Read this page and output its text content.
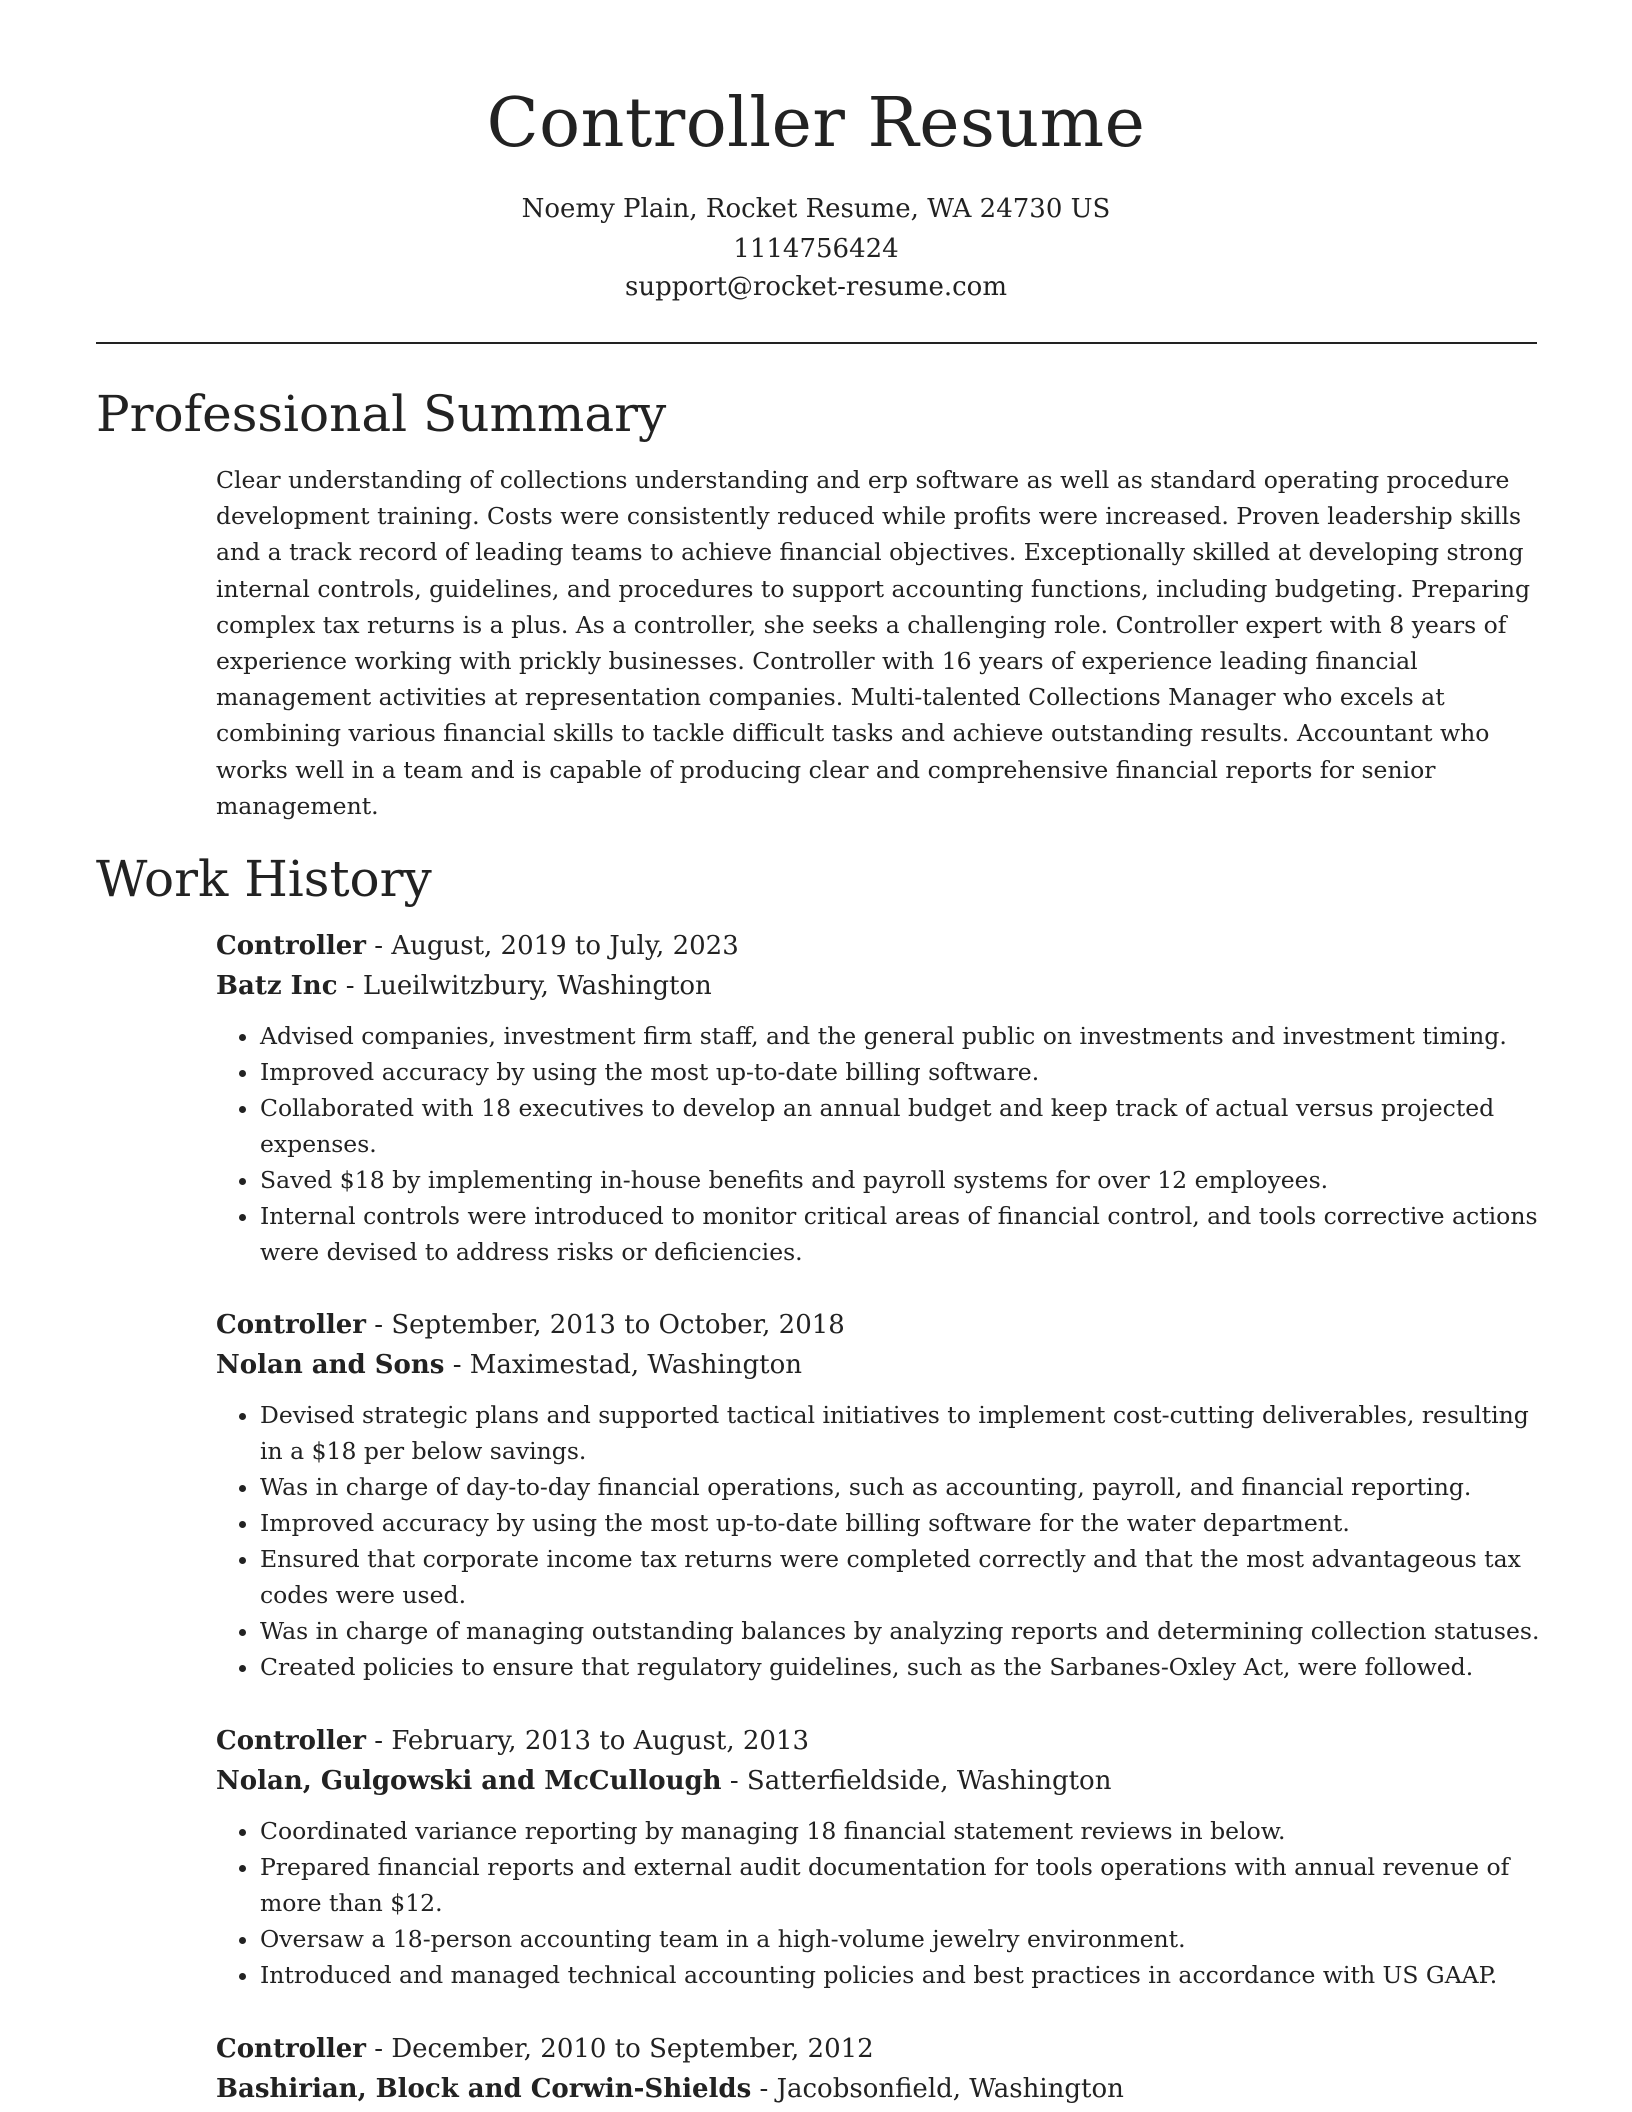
Controller Resume

Noemy Plain, Rocket Resume, WA 24730 US

1114756424

support@rocket-resume.com

Professional Summary

Clear understanding of collections understanding and erp software as well as standard operating procedure development training. Costs were consistently reduced while profits were increased. Proven leadership skills and a track record of leading teams to achieve financial objectives. Exceptionally skilled at developing strong internal controls, guidelines, and procedures to support accounting functions, including budgeting. Preparing complex tax returns is a plus. As a controller, she seeks a challenging role. Controller expert with 8 years of experience working with prickly businesses. Controller with 16 years of experience leading financial management activities at representation companies. Multi-talented Collections Manager who excels at combining various financial skills to tackle difficult tasks and achieve outstanding results. Accountant who works well in a team and is capable of producing clear and comprehensive financial reports for senior management.

Work History

Controller - August, 2019 to July, 2023

Batz Inc - Lueilwitzbury, Washington

• Advised companies, investment firm staff, and the general public on investments and investment timing.
• Improved accuracy by using the most up-to-date billing software.
• Collaborated with 18 executives to develop an annual budget and keep track of actual versus projected expenses.
• Saved $18 by implementing in-house benefits and payroll systems for over 12 employees.
• Internal controls were introduced to monitor critical areas of financial control, and tools corrective actions were devised to address risks or deficiencies.

Controller - September, 2013 to October, 2018

Nolan and Sons - Maximestad, Washington

• Devised strategic plans and supported tactical initiatives to implement cost-cutting deliverables, resulting in a $18 per below savings.
• Was in charge of day-to-day financial operations, such as accounting, payroll, and financial reporting.
• Improved accuracy by using the most up-to-date billing software for the water department.
• Ensured that corporate income tax returns were completed correctly and that the most advantageous tax codes were used.
• Was in charge of managing outstanding balances by analyzing reports and determining collection statuses.
• Created policies to ensure that regulatory guidelines, such as the Sarbanes-Oxley Act, were followed.

Controller - February, 2013 to August, 2013

Nolan, Gulgowski and McCullough - Satterfieldside, Washington

• Coordinated variance reporting by managing 18 financial statement reviews in below.
• Prepared financial reports and external audit documentation for tools operations with annual revenue of more than $12.
• Oversaw a 18-person accounting team in a high-volume jewelry environment.
• Introduced and managed technical accounting policies and best practices in accordance with US GAAP.

Controller - December, 2010 to September, 2012

Bashirian, Block and Corwin-Shields - Jacobsonfield, Washington
